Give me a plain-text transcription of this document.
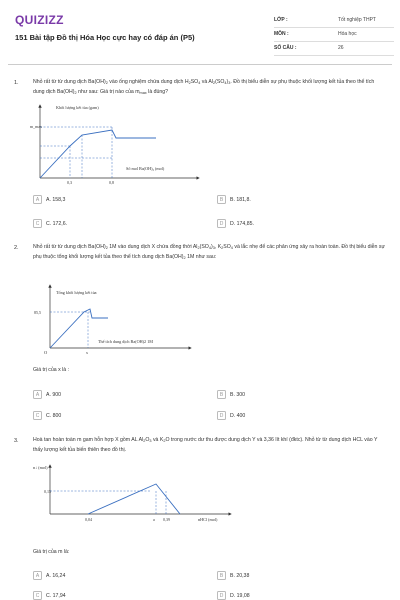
QUIZIZZ
151 Bài tập Đồ thị Hóa Học cực hay có đáp án (P5)
LỚP :	Tốt nghiệp THPT
MÔN :	Hóa học
SỐ CÂU :	26
1.	Nhỏ rất từ từ dung dịch $Ba(OH)_2$ vào ống nghiệm chứa dung dịch $H_2SO_4$ và $Al_2(SO_4)_3$. Đồ thị biểu diễn sự phụ thuộc khối lượng kết tủa theo thể tích dung dịch $Ba(OH)_2$ như sau: Giá trị nào của $m_{max}$ là đúng?
Khối lượng kết tủa (gam)
Số mol Ba(OH)₂ (mol)
m_max
0,3	0,8
A	A. 158,3	B	B. 181,8.
C	C. 172,6.	D	D. 174,85.
2.	Nhỏ rất từ từ dung dịch $Ba(OH)_2$ 1M vào dung dịch X chứa đồng thời $Al_2(SO_4)_3$, $K_2SO_4$ và lắc nhẹ để các phản ứng xảy ra hoàn toàn. Đồ thị biểu diễn sự phụ thuộc tổng khối lượng kết tủa theo thể tích dung dịch $Ba(OH)_2$ 1M như sau:
Tổng khối lượng kết tủa
Thể tích dung dịch Ba(OH)2 1M
85,5
O	x
Giá trị của x là :
A	A. 900	B	B. 300
C	C. 800	D	D. 400
3.	Hoà tan hoàn toàn m gam hỗn hợp X gồm AL $Al_2O_3$ và $K_2O$ trong nước dư thu được dung dịch Y và 3,36 lít khí (đktc). Nhỏ từ từ dung dịch HCL vào Y thấy lượng kết tủa biến thiên theo đồ thị.
n↓ (mol)
nHCl (mol)
0,15
0,04	a 0,39
Giá trị của m là:
A	A. 16,24	B	B. 20,38
C	C. 17,94	D	D. 19,08
